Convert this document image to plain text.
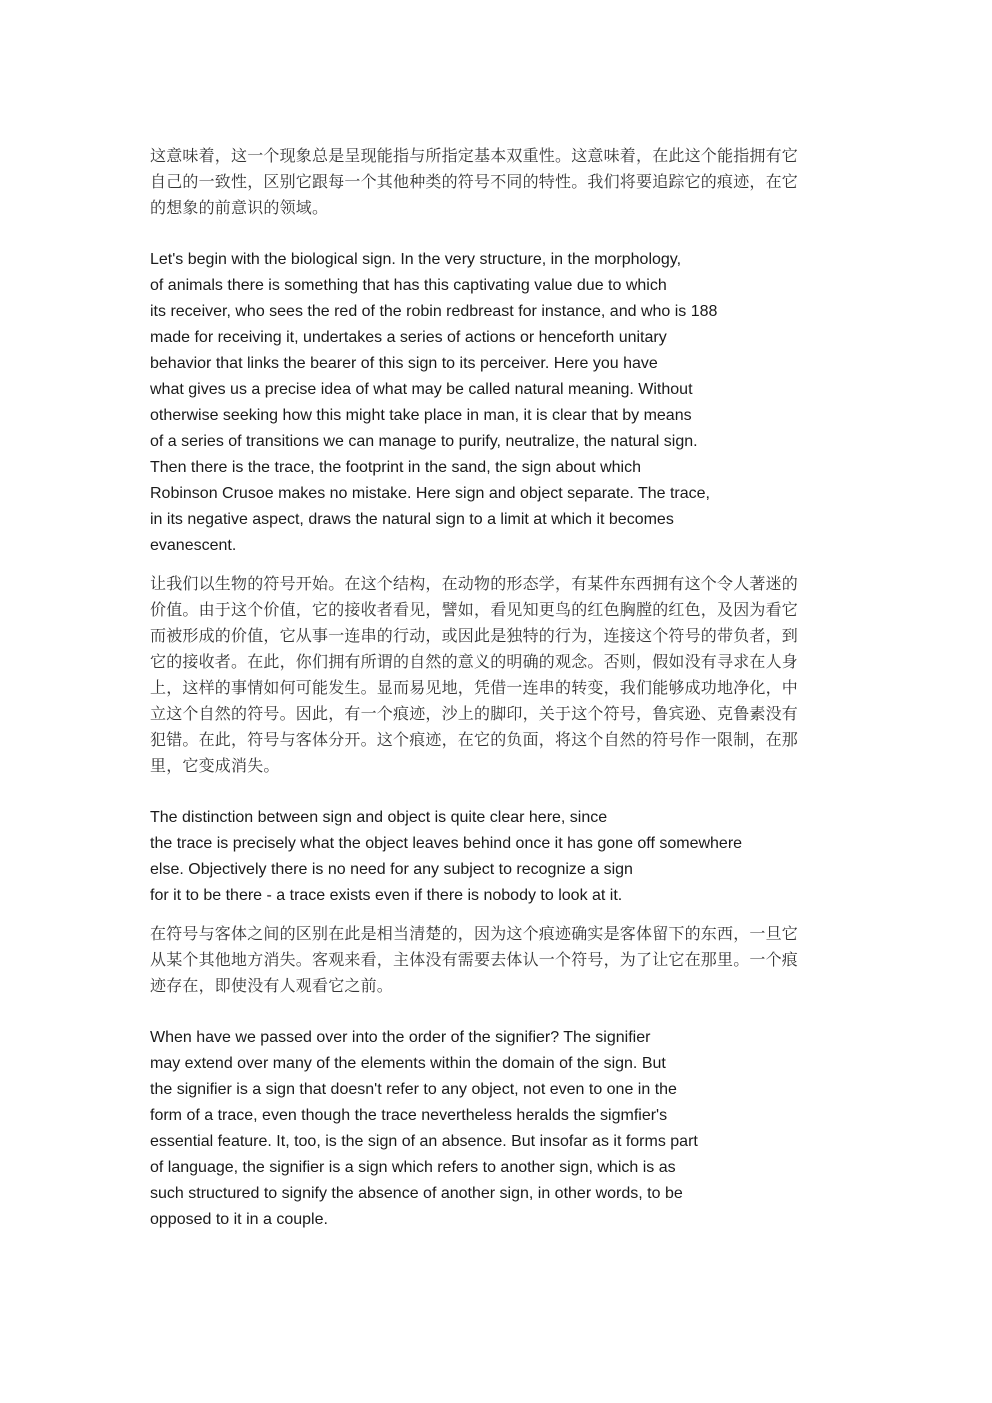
这意味着，这一个现象总是呈现能指与所指定基本双重性。这意味着，在此这个能指拥有它
自己的一致性，区别它跟每一个其他种类的符号不同的特性。我们将要追踪它的痕迹，在它
的想象的前意识的领域。

Let's begin with the biological sign. In the very structure, in the morphology,
of animals there is something that has this captivating value due to which
its receiver, who sees the red of the robin redbreast for instance, and who is 188
made for receiving it, undertakes a series of actions or henceforth unitary
behavior that links the bearer of this sign to its perceiver. Here you have
what gives us a precise idea of what may be called natural meaning. Without
otherwise seeking how this might take place in man, it is clear that by means
of a series of transitions we can manage to purify, neutralize, the natural sign.
Then there is the trace, the footprint in the sand, the sign about which
Robinson Crusoe makes no mistake. Here sign and object separate. The trace,
in its negative aspect, draws the natural sign to a limit at which it becomes
evanescent.

让我们以生物的符号开始。在这个结构，在动物的形态学，有某件东西拥有这个令人著迷的
价值。由于这个价值，它的接收者看见，譬如，看见知更鸟的红色胸膛的红色，及因为看它
而被形成的价值，它从事一连串的行动，或因此是独特的行为，连接这个符号的带负者，到
它的接收者。在此，你们拥有所谓的自然的意义的明确的观念。否则，假如没有寻求在人身
上，这样的事情如何可能发生。显而易见地，凭借一连串的转变，我们能够成功地净化，中
立这个自然的符号。因此，有一个痕迹，沙上的脚印，关于这个符号，鲁宾逊、克鲁素没有
犯错。在此，符号与客体分开。这个痕迹，在它的负面，将这个自然的符号作一限制，在那
里，它变成消失。

The distinction between sign and object is quite clear here, since
the trace is precisely what the object leaves behind once it has gone off somewhere
else. Objectively there is no need for any subject to recognize a sign
for it to be there - a trace exists even if there is nobody to look at it.

在符号与客体之间的区别在此是相当清楚的，因为这个痕迹确实是客体留下的东西，一旦它
从某个其他地方消失。客观来看，主体没有需要去体认一个符号，为了让它在那里。一个痕
迹存在，即使没有人观看它之前。

When have we passed over into the order of the signifier? The signifier
may extend over many of the elements within the domain of the sign. But
the signifier is a sign that doesn't refer to any object, not even to one in the
form of a trace, even though the trace nevertheless heralds the sigmfier's
essential feature. It, too, is the sign of an absence. But insofar as it forms part
of language, the signifier is a sign which refers to another sign, which is as
such structured to signify the absence of another sign, in other words, to be
opposed to it in a couple.
